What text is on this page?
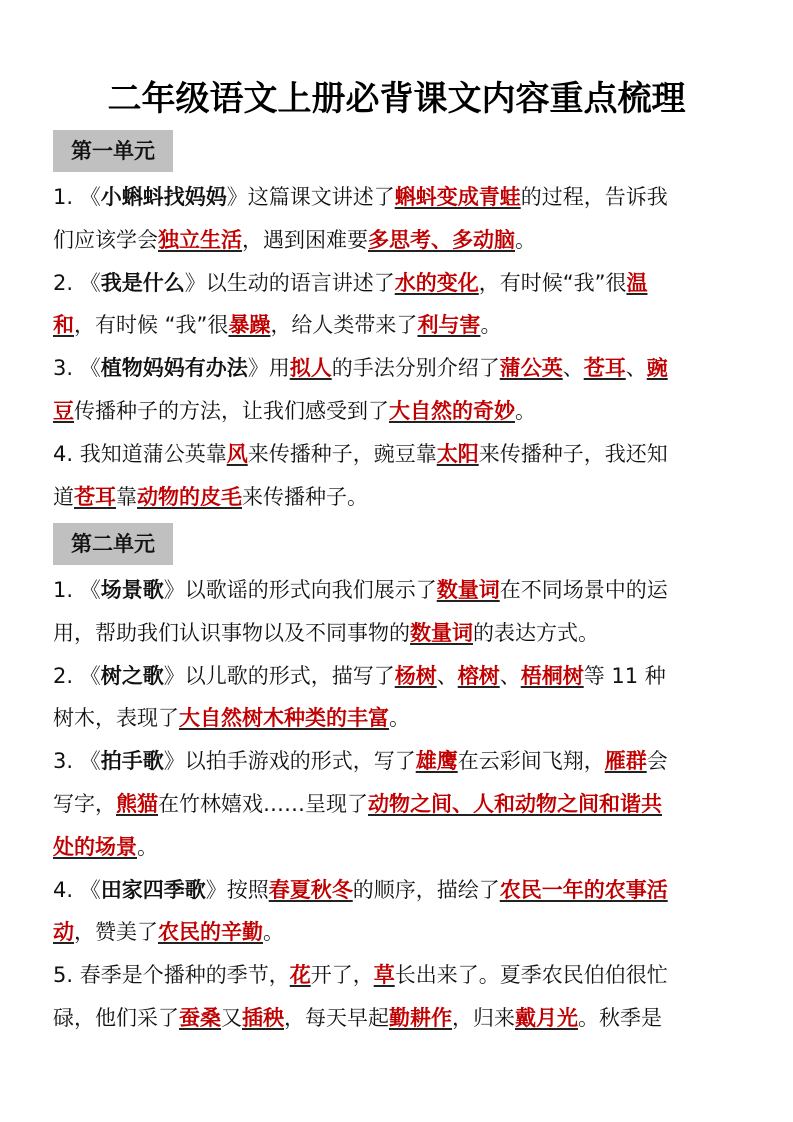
二年级语文上册必背课文内容重点梳理
第一单元
1. 《小蝌蚪找妈妈》这篇课文讲述了蝌蚪变成青蛙的过程，告诉我
们应该学会独立生活，遇到困难要多思考、多动脑。
2. 《我是什么》以生动的语言讲述了水的变化，有时候“我”很温
和，有时候 “我”很暴躁，给人类带来了利与害。
3. 《植物妈妈有办法》用拟人的手法分别介绍了蒲公英、苍耳、豌
豆传播种子的方法，让我们感受到了大自然的奇妙。
4. 我知道蒲公英靠风来传播种子，豌豆靠太阳来传播种子，我还知
道苍耳靠动物的皮毛来传播种子。
第二单元
1. 《场景歌》以歌谣的形式向我们展示了数量词在不同场景中的运
用，帮助我们认识事物以及不同事物的数量词的表达方式。
2. 《树之歌》以儿歌的形式，描写了杨树、榕树、梧桐树等 11 种
树木，表现了大自然树木种类的丰富。
3. 《拍手歌》以拍手游戏的形式，写了雄鹰在云彩间飞翔，雁群会
写字，熊猫在竹林嬉戏……呈现了动物之间、人和动物之间和谐共
处的场景。
4. 《田家四季歌》按照春夏秋冬的顺序，描绘了农民一年的农事活
动，赞美了农民的辛勤。
5. 春季是个播种的季节，花开了，草长出来了。夏季农民伯伯很忙
碌，他们采了蚕桑又插秧，每天早起勤耕作，归来戴月光。秋季是
